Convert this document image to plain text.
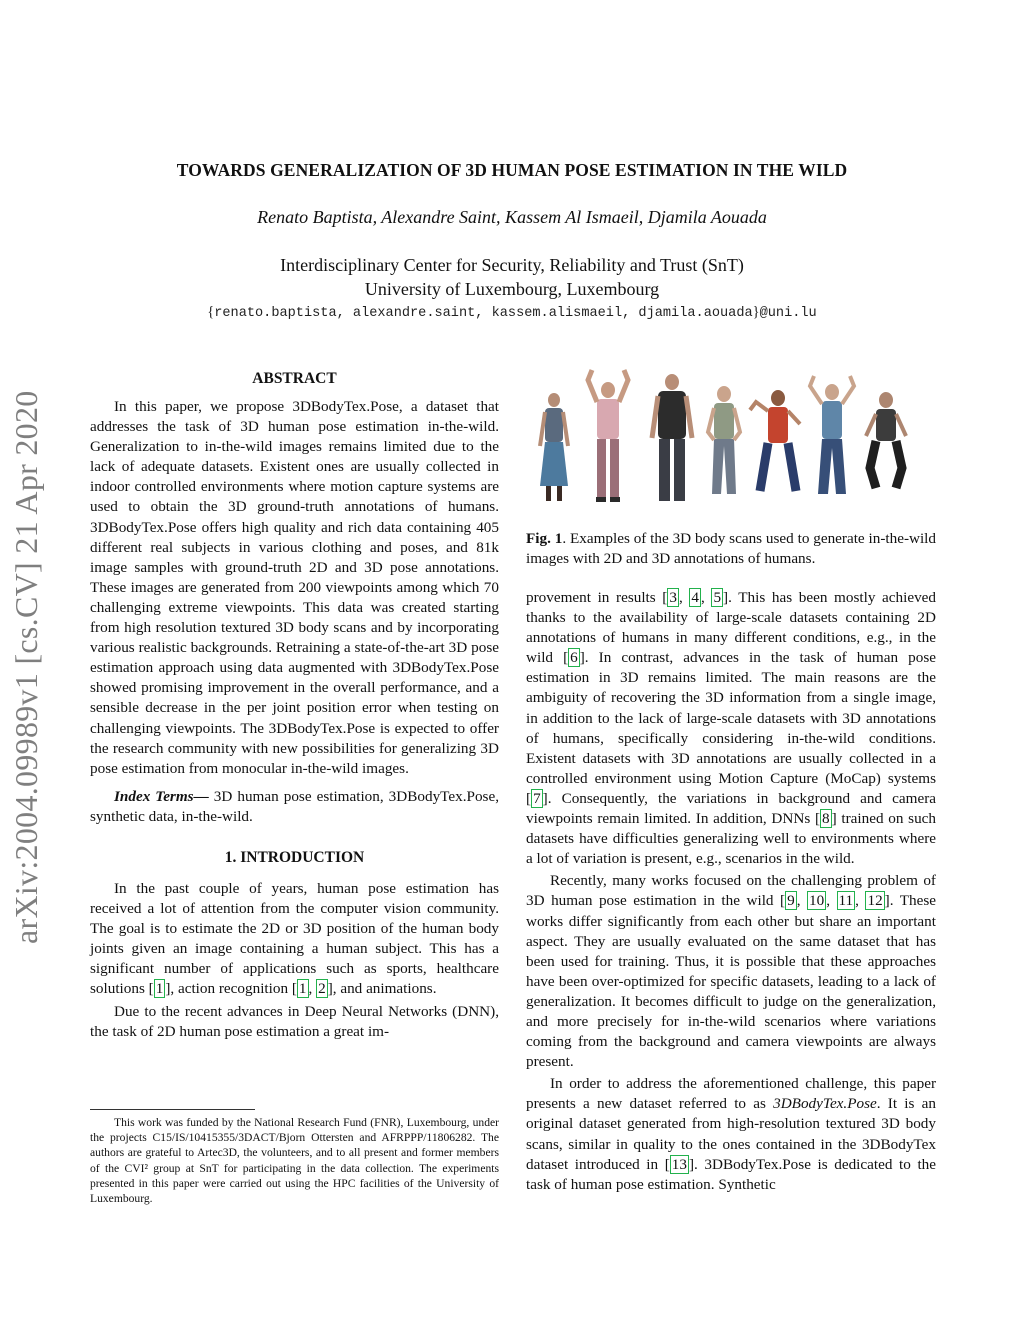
TOWARDS GENERALIZATION OF 3D HUMAN POSE ESTIMATION IN THE WILD
Renato Baptista, Alexandre Saint, Kassem Al Ismaeil, Djamila Aouada
Interdisciplinary Center for Security, Reliability and Trust (SnT)
University of Luxembourg, Luxembourg
{renato.baptista, alexandre.saint, kassem.alismaeil, djamila.aouada}@uni.lu
arXiv:2004.09989v1 [cs.CV] 21 Apr 2020
ABSTRACT

In this paper, we propose 3DBodyTex.Pose, a dataset that addresses the task of 3D human pose estimation in-the-wild. Generalization to in-the-wild images remains limited due to the lack of adequate datasets. Existent ones are usually collected in indoor controlled environments where motion capture systems are used to obtain the 3D ground-truth annotations of humans. 3DBodyTex.Pose offers high quality and rich data containing 405 different real subjects in various clothing and poses, and 81k image samples with ground-truth 2D and 3D pose annotations. These images are generated from 200 viewpoints among which 70 challenging extreme viewpoints. This data was created starting from high resolution textured 3D body scans and by incorporating various realistic backgrounds. Retraining a state-of-the-art 3D pose estimation approach using data augmented with 3DBodyTex.Pose showed promising improvement in the overall performance, and a sensible decrease in the per joint position error when testing on challenging viewpoints. The 3DBodyTex.Pose is expected to offer the research community with new possibilities for generalizing 3D pose estimation from monocular in-the-wild images.

Index Terms— 3D human pose estimation, 3DBodyTex.Pose, synthetic data, in-the-wild.

1. INTRODUCTION

In the past couple of years, human pose estimation has received a lot of attention from the computer vision community. The goal is to estimate the 2D or 3D position of the human body joints given an image containing a human subject. This has a significant number of applications such as sports, healthcare solutions [ 1 ], action recognition [ 1 , 2 ], and animations.

Due to the recent advances in Deep Neural Networks (DNN), the task of 2D human pose estimation a great im-

This work was funded by the National Research Fund (FNR), Luxembourg, under the projects C15/IS/10415355/3DACT/Bjorn Ottersten and AFRPPP/11806282. The authors are grateful to Artec3D, the volunteers, and to all present and former members of the CVI² group at SnT for participating in the data collection. The experiments presented in this paper were carried out using the HPC facilities of the University of Luxembourg.

Fig. 1. Examples of the 3D body scans used to generate in-the-wild images with 2D and 3D annotations of humans.

provement in results [ 3 , 4 , 5 ]. This has been mostly achieved thanks to the availability of large-scale datasets containing 2D annotations of humans in many different conditions, e.g., in the wild [ 6 ]. In contrast, advances in the task of human pose estimation in 3D remains limited. The main reasons are the ambiguity of recovering the 3D information from a single image, in addition to the lack of large-scale datasets with 3D annotations of humans, specifically considering in-the-wild conditions. Existent datasets with 3D annotations are usually collected in a controlled environment using Motion Capture (MoCap) systems [ 7 ]. Consequently, the variations in background and camera viewpoints remain limited. In addition, DNNs [ 8 ] trained on such datasets have difficulties generalizing well to environments where a lot of variation is present, e.g., scenarios in the wild.

Recently, many works focused on the challenging problem of 3D human pose estimation in the wild [ 9 , 10 , 11 , 12 ]. These works differ significantly from each other but share an important aspect. They are usually evaluated on the same dataset that has been used for training. Thus, it is possible that these approaches have been over-optimized for specific datasets, leading to a lack of generalization. It becomes difficult to judge on the generalization, and more precisely for in-the-wild scenarios where variations coming from the background and camera viewpoints are always present.

In order to address the aforementioned challenge, this paper presents a new dataset referred to as 3DBodyTex.Pose. It is an original dataset generated from high-resolution textured 3D body scans, similar in quality to the ones contained in the 3DBodyTex dataset introduced in [ 13 ]. 3DBodyTex.Pose is dedicated to the task of human pose estimation. Synthetic
